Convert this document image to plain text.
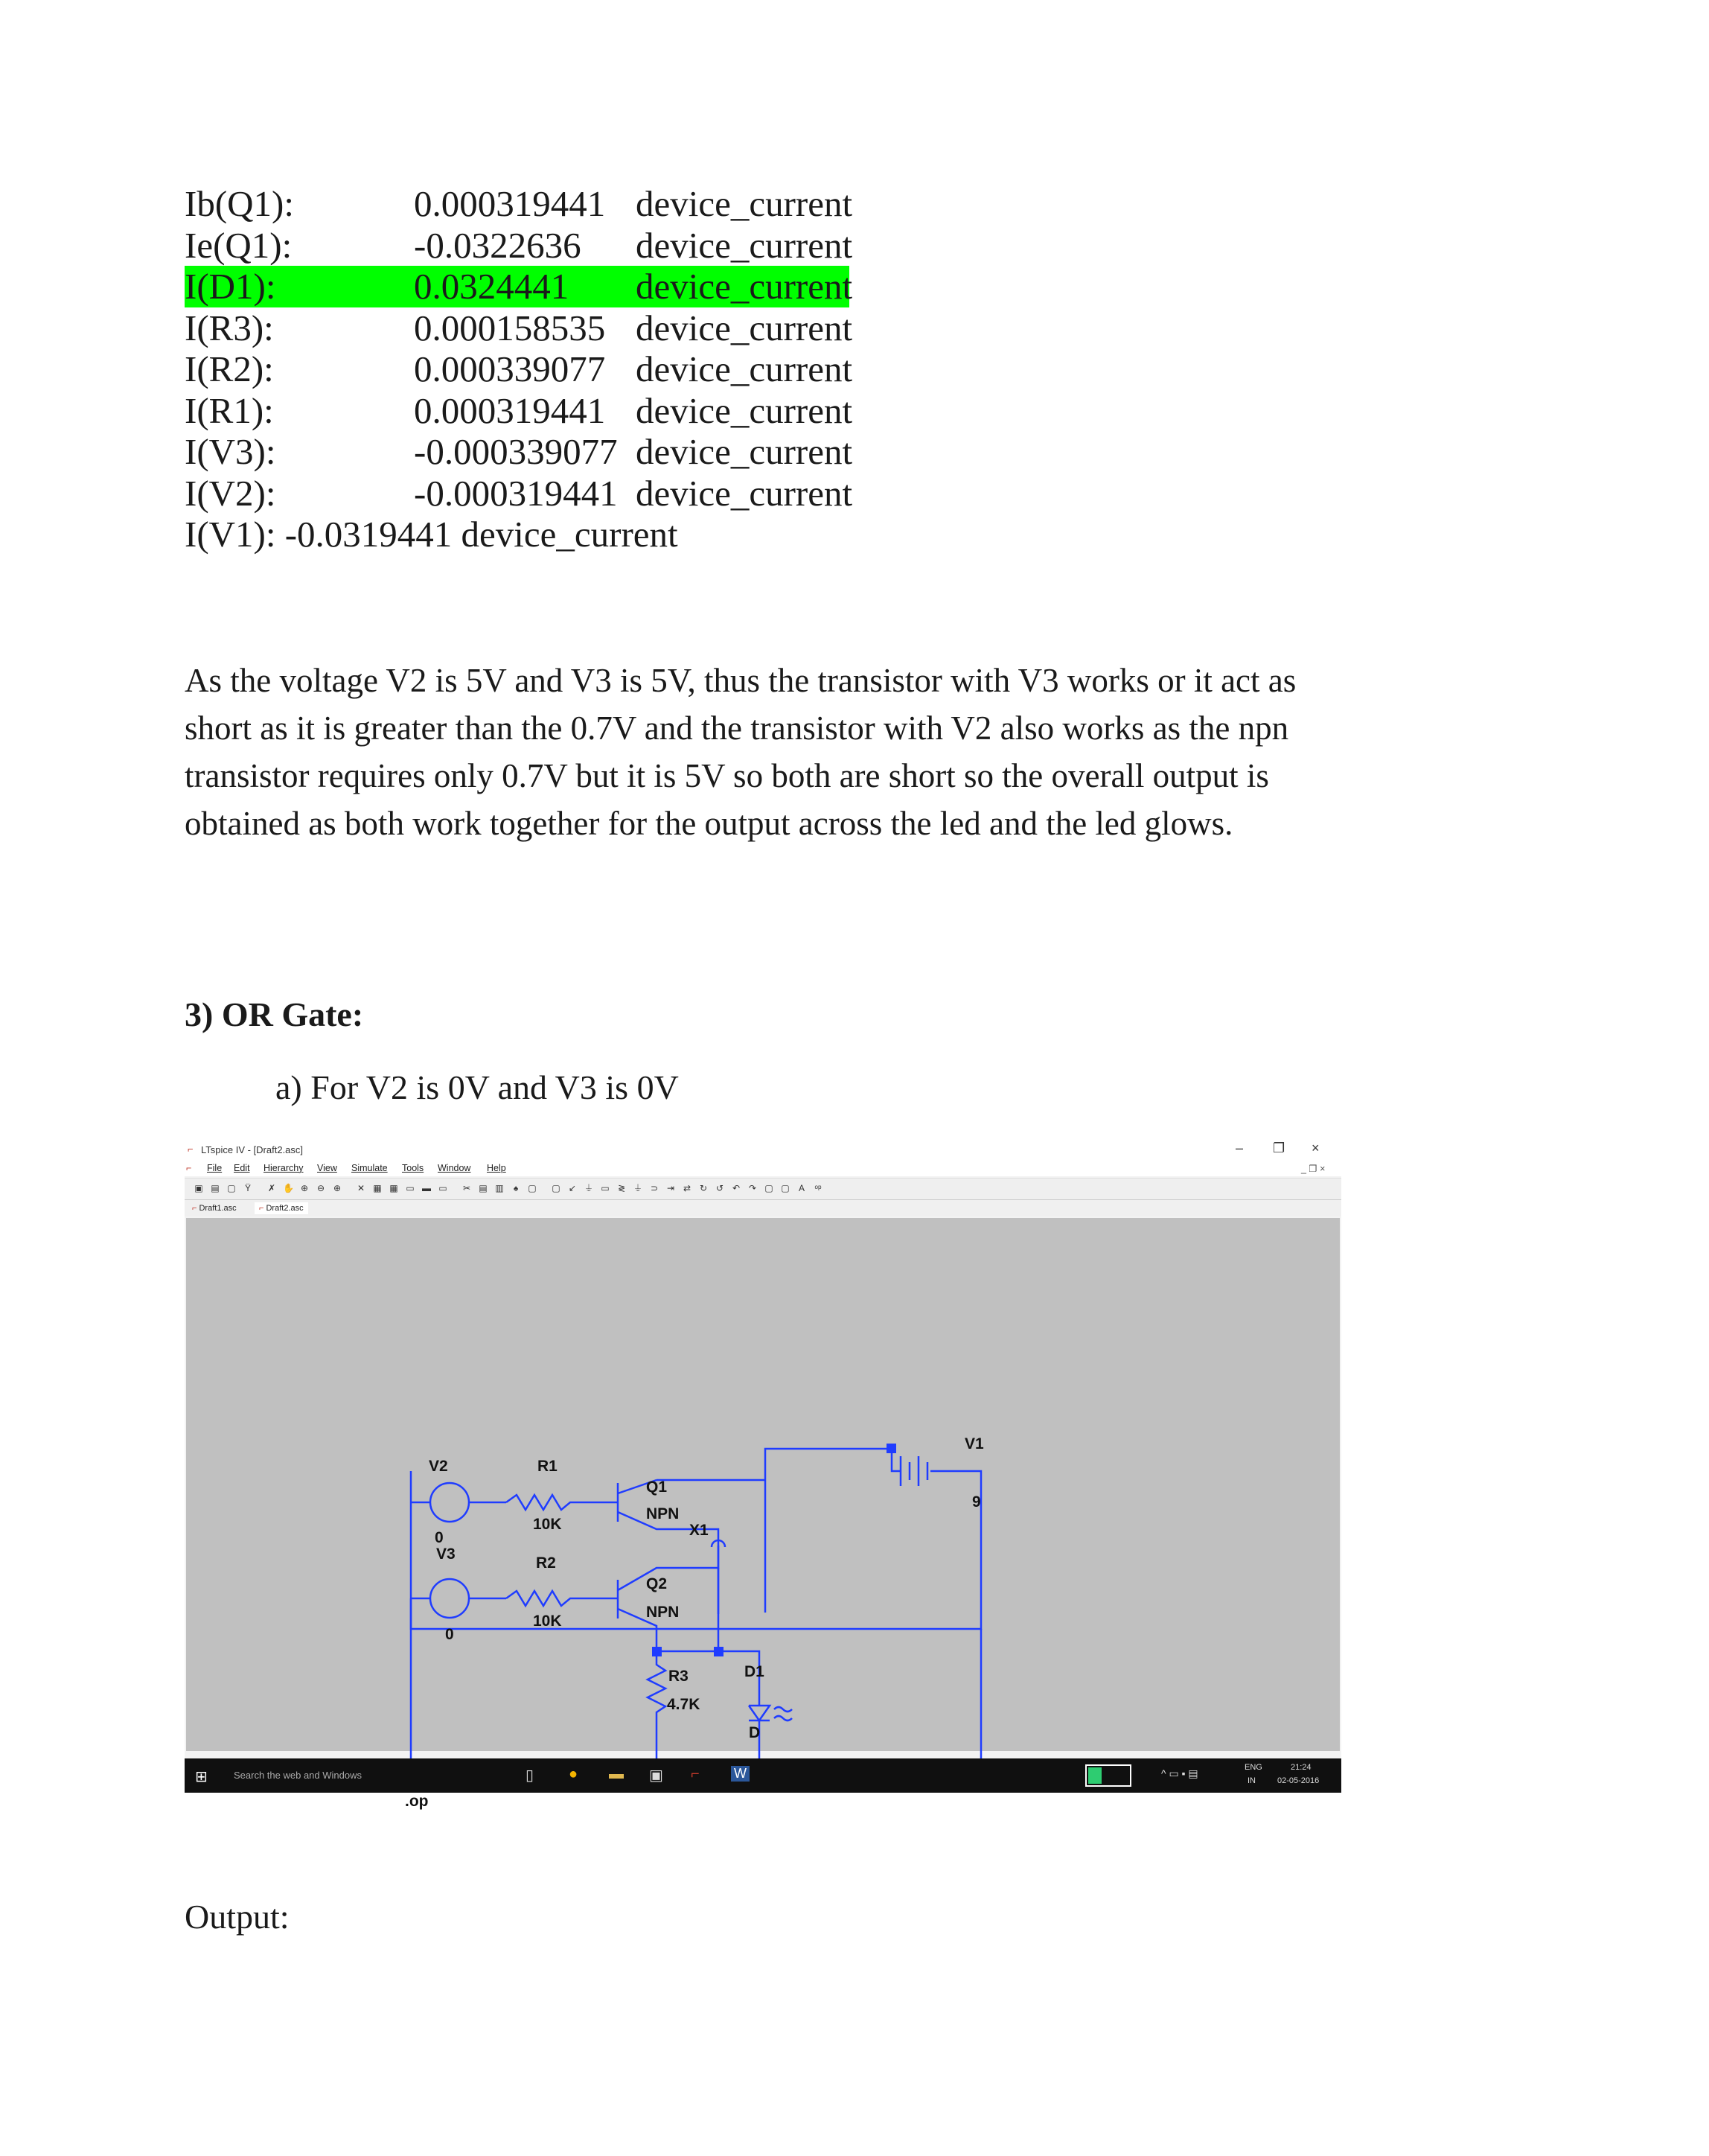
Ib(Q1):	0.000319441 device_current
Ie(Q1):	-0.0322636 device_current
I(D1):	0.0324441 device_current
I(R3):	0.000158535 device_current
I(R2):	0.000339077 device_current
I(R1):	0.000319441 device_current
I(V3):	-0.000339077 device_current
I(V2):	-0.000319441 device_current
I(V1): -0.0319441 device_current

As the voltage V2 is 5V and V3 is 5V, thus the transistor with V3 works or it act as short as it is greater than the 0.7V and the transistor with V2 also works as the npn transistor requires only 0.7V but it is 5V so both are short so the overall output is obtained as both work together for the output across the led and the led glows.

3) OR Gate:
a) For V2 is 0V and V3 is 0V
⌐ LTspice IV - [Draft2.asc]	– ❐ ×
⌐ File Edit Hierarchy View Simulate Tools Window Help	_ ❐ ×
▣ ▤ ▢ Ϋ ✗ ✋ ⊕ ⊖ ⊕ ✕ ▦ ▦ ▭ ▬ ▭ ✂ ▤ ▥	♠	▢ ▢ ↙ ⏚ ▭ ≷ ⏚ ⊃ ⇥ ⇄ ↻ ↺ ↶ ↷ ▢ ▢ A ᵒᵖ
⌐ Draft1.asc	⌐ Draft2.asc
V1
9
V2
0
V3
0
R1
10K
R2
10K
Q1
NPN
X1
Q2
NPN
R3
4.7K
D1
D
.op
⊞	Search the web and Windows	▯ ● ▬ ▣ ⌐	W	^ ▭ ▪ ▤	ENG
IN
21:24
02-05-2016
Output:
